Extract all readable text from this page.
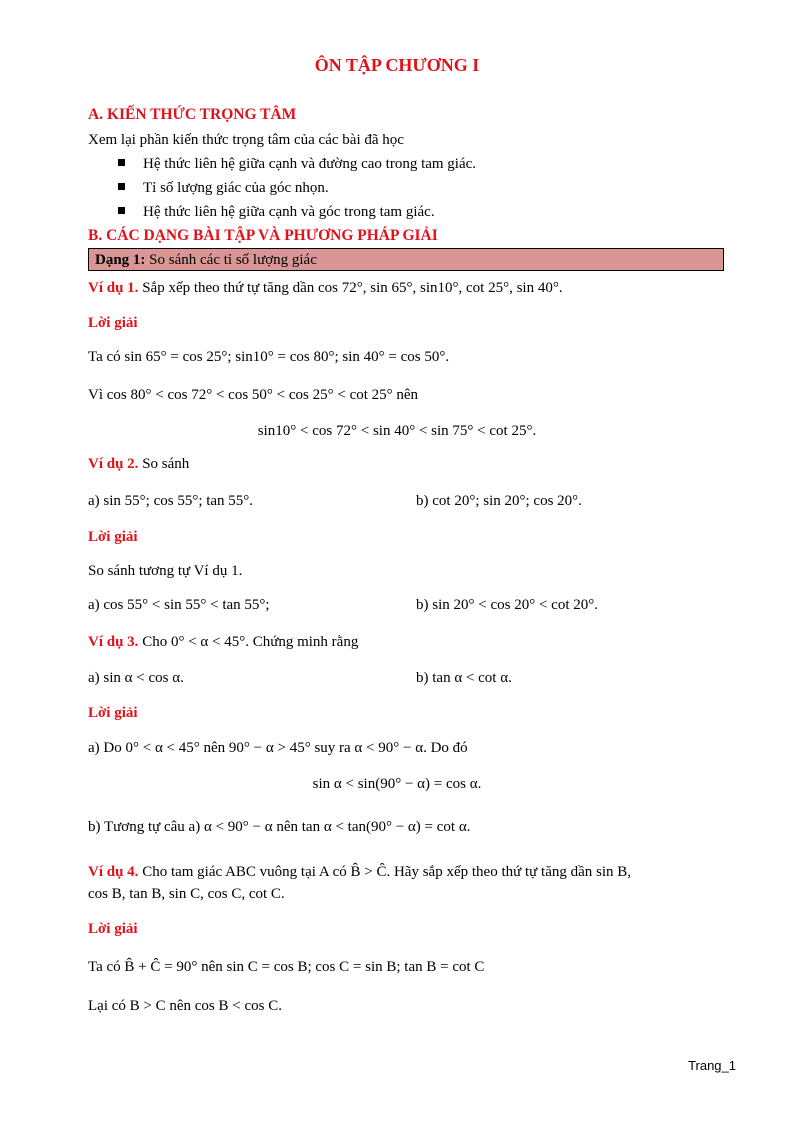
ÔN TẬP CHƯƠNG I
A. KIẾN THỨC TRỌNG TÂM
Xem lại phần kiến thức trọng tâm của các bài đã học
Hệ thức liên hệ giữa cạnh và đường cao trong tam giác.
Tỉ số lượng giác của góc nhọn.
Hệ thức liên hệ giữa cạnh và góc trong tam giác.
B. CÁC DẠNG BÀI TẬP VÀ PHƯƠNG PHÁP GIẢI
Dạng 1: So sánh các tỉ số lượng giác
Ví dụ 1. Sắp xếp theo thứ tự tăng dần cos 72°, sin 65°, sin10°, cot 25°, sin 40°.
Lời giải
Ta có sin 65° = cos 25°; sin10° = cos 80°; sin 40° = cos 50°.
Vì cos 80° < cos 72° < cos 50° < cos 25° < cot 25° nên
sin10° < cos 72° < sin 40° < sin 75° < cot 25°.
Ví dụ 2. So sánh
a) sin 55°; cos 55°; tan 55°.	b) cot 20°; sin 20°; cos 20°.
Lời giải
So sánh tương tự Ví dụ 1.
a) cos 55° < sin 55° < tan 55°;	b) sin 20° < cos 20° < cot 20°.
Ví dụ 3. Cho 0° < α < 45°. Chứng minh rằng
a) sin α < cos α.	b) tan α < cot α.
Lời giải
a) Do 0° < α < 45° nên 90° − α > 45° suy ra α < 90° − α. Do đó
sin α < sin(90° − α) = cos α.
b) Tương tự câu a) α < 90° − α nên tan α < tan(90° − α) = cot α.
Ví dụ 4. Cho tam giác ABC vuông tại A có B̂ > Ĉ. Hãy sắp xếp theo thứ tự tăng dần sin B,
cos B, tan B, sin C, cos C, cot C.
Lời giải
Ta có B̂ + Ĉ = 90° nên sin C = cos B; cos C = sin B; tan B = cot C
Lại có B > C nên cos B < cos C.
Trang_1
